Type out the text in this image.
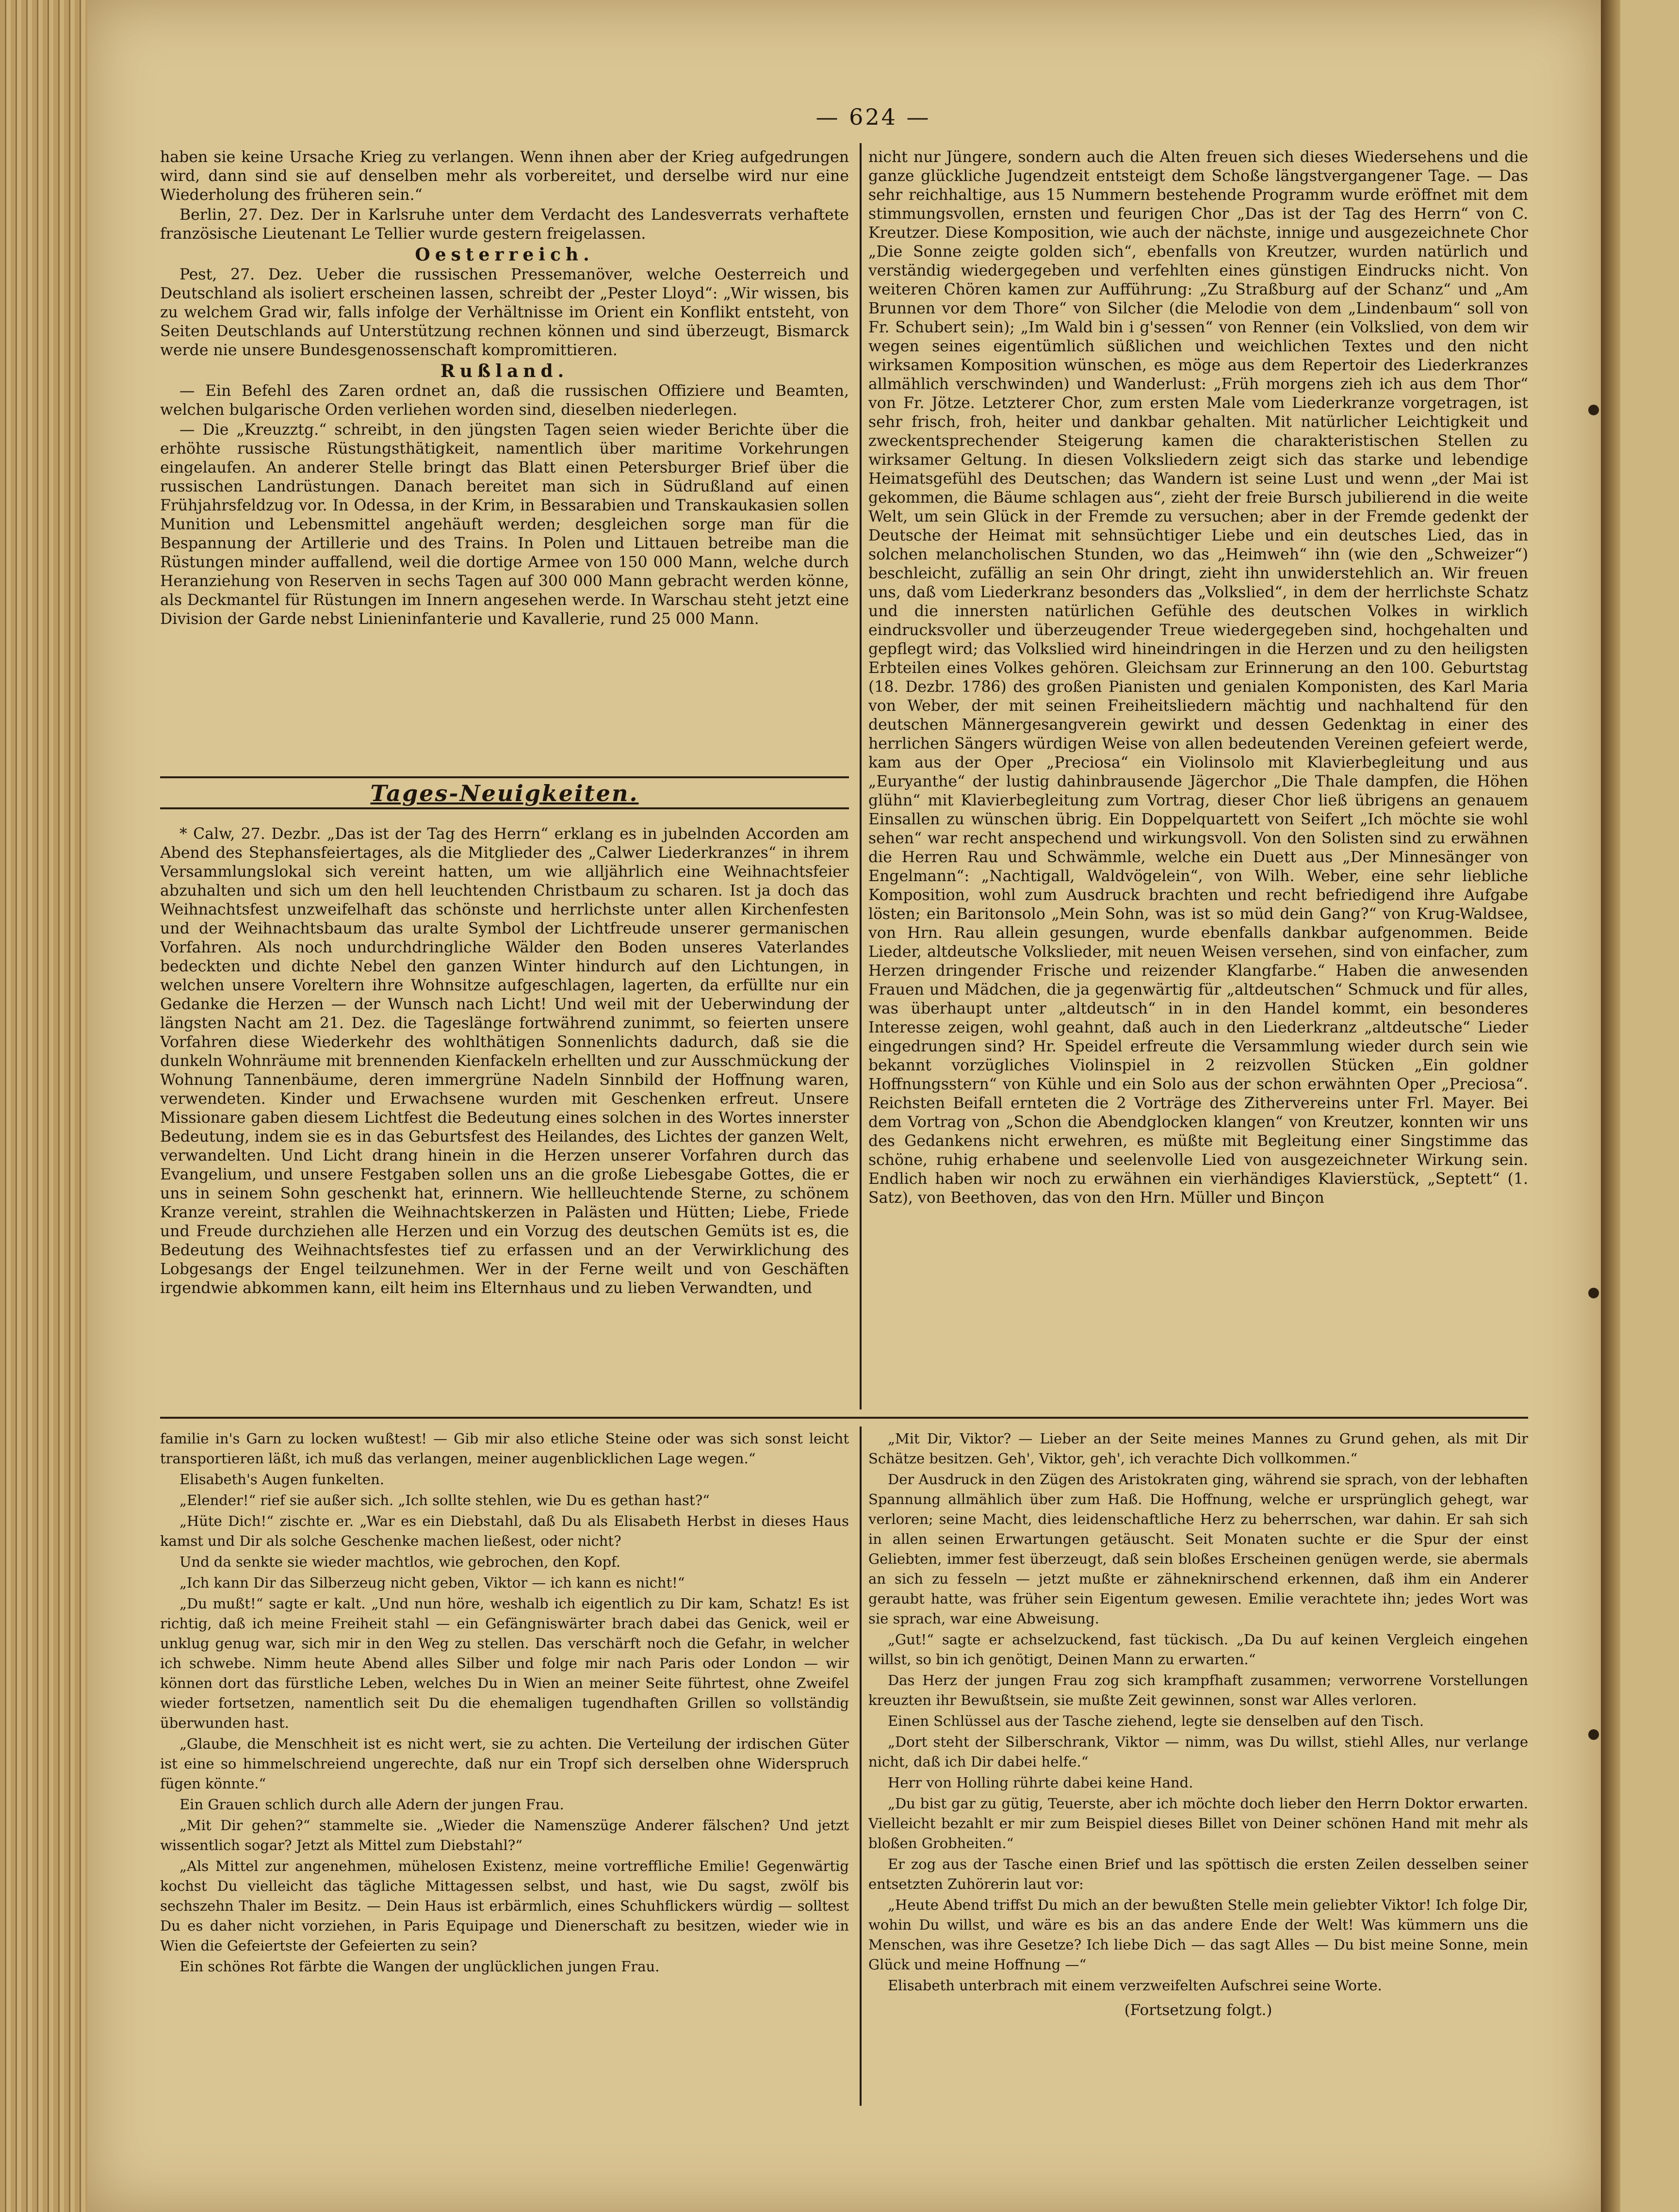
— 624 —

haben sie keine Ursache Krieg zu verlangen. Wenn ihnen aber der Krieg aufgedrungen wird, dann sind sie auf denselben mehr als vorbereitet, und derselbe wird nur eine Wiederholung des früheren sein.“

Berlin, 27. Dez. Der in Karlsruhe unter dem Verdacht des Landesverrats verhaftete französische Lieutenant Le Tellier wurde gestern freigelassen.

Oesterreich.

Pest, 27. Dez. Ueber die russischen Pressemanöver, welche Oesterreich und Deutschland als isoliert erscheinen lassen, schreibt der „Pester Lloyd“: „Wir wissen, bis zu welchem Grad wir, falls infolge der Verhältnisse im Orient ein Konflikt entsteht, von Seiten Deutschlands auf Unterstützung rechnen können und sind überzeugt, Bismarck werde nie unsere Bundesgenossenschaft kompromittieren.

Rußland.

— Ein Befehl des Zaren ordnet an, daß die russischen Offiziere und Beamten, welchen bulgarische Orden verliehen worden sind, dieselben niederlegen.

— Die „Kreuzztg.“ schreibt, in den jüngsten Tagen seien wieder Berichte über die erhöhte russische Rüstungsthätigkeit, namentlich über maritime Vorkehrungen eingelaufen. An anderer Stelle bringt das Blatt einen Petersburger Brief über die russischen Landrüstungen. Danach bereitet man sich in Südrußland auf einen Frühjahrsfeldzug vor. In Odessa, in der Krim, in Bessarabien und Transkaukasien sollen Munition und Lebensmittel angehäuft werden; desgleichen sorge man für die Bespannung der Artillerie und des Trains. In Polen und Littauen betreibe man die Rüstungen minder auffallend, weil die dortige Armee von 150 000 Mann, welche durch Heranziehung von Reserven in sechs Tagen auf 300 000 Mann gebracht werden könne, als Deckmantel für Rüstungen im Innern angesehen werde. In Warschau steht jetzt eine Division der Garde nebst Linieninfanterie und Kavallerie, rund 25 000 Mann.

Tages-Neuigkeiten.

* Calw, 27. Dezbr. „Das ist der Tag des Herrn“ erklang es in jubelnden Accorden am Abend des Stephansfeiertages, als die Mitglieder des „Calwer Liederkranzes“ in ihrem Versammlungslokal sich vereint hatten, um wie alljährlich eine Weihnachtsfeier abzuhalten und sich um den hell leuchtenden Christbaum zu scharen. Ist ja doch das Weihnachtsfest unzweifelhaft das schönste und herrlichste unter allen Kirchenfesten und der Weihnachtsbaum das uralte Symbol der Lichtfreude unserer germanischen Vorfahren. Als noch undurchdringliche Wälder den Boden unseres Vaterlandes bedeckten und dichte Nebel den ganzen Winter hindurch auf den Lichtungen, in welchen unsere Voreltern ihre Wohnsitze aufgeschlagen, lagerten, da erfüllte nur ein Gedanke die Herzen — der Wunsch nach Licht! Und weil mit der Ueberwindung der längsten Nacht am 21. Dez. die Tageslänge fortwährend zunimmt, so feierten unsere Vorfahren diese Wiederkehr des wohlthätigen Sonnenlichts dadurch, daß sie die dunkeln Wohnräume mit brennenden Kienfackeln erhellten und zur Ausschmückung der Wohnung Tannenbäume, deren immergrüne Nadeln Sinnbild der Hoffnung waren, verwendeten. Kinder und Erwachsene wurden mit Geschenken erfreut. Unsere Missionare gaben diesem Lichtfest die Bedeutung eines solchen in des Wortes innerster Bedeutung, indem sie es in das Geburtsfest des Heilandes, des Lichtes der ganzen Welt, verwandelten. Und Licht drang hinein in die Herzen unserer Vorfahren durch das Evangelium, und unsere Festgaben sollen uns an die große Liebesgabe Gottes, die er uns in seinem Sohn geschenkt hat, erinnern. Wie hellleuchtende Sterne, zu schönem Kranze vereint, strahlen die Weihnachtskerzen in Palästen und Hütten; Liebe, Friede und Freude durchziehen alle Herzen und ein Vorzug des deutschen Gemüts ist es, die Bedeutung des Weihnachtsfestes tief zu erfassen und an der Verwirklichung des Lobgesangs der Engel teilzunehmen. Wer in der Ferne weilt und von Geschäften irgendwie abkommen kann, eilt heim ins Elternhaus und zu lieben Verwandten, und

nicht nur Jüngere, sondern auch die Alten freuen sich dieses Wiedersehens und die ganze glückliche Jugendzeit entsteigt dem Schoße längstvergangener Tage. — Das sehr reichhaltige, aus 15 Nummern bestehende Programm wurde eröffnet mit dem stimmungsvollen, ernsten und feurigen Chor „Das ist der Tag des Herrn“ von C. Kreutzer. Diese Komposition, wie auch der nächste, innige und ausgezeichnete Chor „Die Sonne zeigte golden sich“, ebenfalls von Kreutzer, wurden natürlich und verständig wiedergegeben und verfehlten eines günstigen Eindrucks nicht. Von weiteren Chören kamen zur Aufführung: „Zu Straßburg auf der Schanz“ und „Am Brunnen vor dem Thore“ von Silcher (die Melodie von dem „Lindenbaum“ soll von Fr. Schubert sein); „Im Wald bin i g'sessen“ von Renner (ein Volkslied, von dem wir wegen seines eigentümlich süßlichen und weichlichen Textes und den nicht wirksamen Komposition wünschen, es möge aus dem Repertoir des Liederkranzes allmählich verschwinden) und Wanderlust: „Früh morgens zieh ich aus dem Thor“ von Fr. Jötze. Letzterer Chor, zum ersten Male vom Liederkranze vorgetragen, ist sehr frisch, froh, heiter und dankbar gehalten. Mit natürlicher Leichtigkeit und zweckentsprechender Steigerung kamen die charakteristischen Stellen zu wirksamer Geltung. In diesen Volksliedern zeigt sich das starke und lebendige Heimatsgefühl des Deutschen; das Wandern ist seine Lust und wenn „der Mai ist gekommen, die Bäume schlagen aus“, zieht der freie Bursch jubilierend in die weite Welt, um sein Glück in der Fremde zu versuchen; aber in der Fremde gedenkt der Deutsche der Heimat mit sehnsüchtiger Liebe und ein deutsches Lied, das in solchen melancholischen Stunden, wo das „Heimweh“ ihn (wie den „Schweizer“) beschleicht, zufällig an sein Ohr dringt, zieht ihn unwiderstehlich an. Wir freuen uns, daß vom Liederkranz besonders das „Volkslied“, in dem der herrlichste Schatz und die innersten natürlichen Gefühle des deutschen Volkes in wirklich eindrucksvoller und überzeugender Treue wiedergegeben sind, hochgehalten und gepflegt wird; das Volkslied wird hineindringen in die Herzen und zu den heiligsten Erbteilen eines Volkes gehören. Gleichsam zur Erinnerung an den 100. Geburtstag (18. Dezbr. 1786) des großen Pianisten und genialen Komponisten, des Karl Maria von Weber, der mit seinen Freiheitsliedern mächtig und nachhaltend für den deutschen Männergesangverein gewirkt und dessen Gedenktag in einer des herrlichen Sängers würdigen Weise von allen bedeutenden Vereinen gefeiert werde, kam aus der Oper „Preciosa“ ein Violinsolo mit Klavierbegleitung und aus „Euryanthe“ der lustig dahinbrausende Jägerchor „Die Thale dampfen, die Höhen glühn“ mit Klavierbegleitung zum Vortrag, dieser Chor ließ übrigens an genauem Einsallen zu wünschen übrig. Ein Doppelquartett von Seifert „Ich möchte sie wohl sehen“ war recht anspechend und wirkungsvoll. Von den Solisten sind zu erwähnen die Herren Rau und Schwämmle, welche ein Duett aus „Der Minnesänger von Engelmann“: „Nachtigall, Waldvögelein“, von Wilh. Weber, eine sehr liebliche Komposition, wohl zum Ausdruck brachten und recht befriedigend ihre Aufgabe lösten; ein Baritonsolo „Mein Sohn, was ist so müd dein Gang?“ von Krug-Waldsee, von Hrn. Rau allein gesungen, wurde ebenfalls dankbar aufgenommen. Beide Lieder, altdeutsche Volkslieder, mit neuen Weisen versehen, sind von einfacher, zum Herzen dringender Frische und reizender Klangfarbe.“ Haben die anwesenden Frauen und Mädchen, die ja gegenwärtig für „altdeutschen“ Schmuck und für alles, was überhaupt unter „altdeutsch“ in in den Handel kommt, ein besonderes Interesse zeigen, wohl geahnt, daß auch in den Liederkranz „altdeutsche“ Lieder eingedrungen sind? Hr. Speidel erfreute die Versammlung wieder durch sein wie bekannt vorzügliches Violinspiel in 2 reizvollen Stücken „Ein goldner Hoffnungsstern“ von Kühle und ein Solo aus der schon erwähnten Oper „Preciosa“. Reichsten Beifall ernteten die 2 Vorträge des Zithervereins unter Frl. Mayer. Bei dem Vortrag von „Schon die Abendglocken klangen“ von Kreutzer, konnten wir uns des Gedankens nicht erwehren, es müßte mit Begleitung einer Singstimme das schöne, ruhig erhabene und seelenvolle Lied von ausgezeichneter Wirkung sein. Endlich haben wir noch zu erwähnen ein vierhändiges Klavierstück, „Septett“ (1. Satz), von Beethoven, das von den Hrn. Müller und Binçon

familie in's Garn zu locken wußtest! — Gib mir also etliche Steine oder was sich sonst leicht transportieren läßt, ich muß das verlangen, meiner augenblicklichen Lage wegen.“

Elisabeth's Augen funkelten.

„Elender!“ rief sie außer sich. „Ich sollte stehlen, wie Du es gethan hast?“

„Hüte Dich!“ zischte er. „War es ein Diebstahl, daß Du als Elisabeth Herbst in dieses Haus kamst und Dir als solche Geschenke machen ließest, oder nicht?

Und da senkte sie wieder machtlos, wie gebrochen, den Kopf.

„Ich kann Dir das Silberzeug nicht geben, Viktor — ich kann es nicht!“

„Du mußt!“ sagte er kalt. „Und nun höre, weshalb ich eigentlich zu Dir kam, Schatz! Es ist richtig, daß ich meine Freiheit stahl — ein Gefängniswärter brach dabei das Genick, weil er unklug genug war, sich mir in den Weg zu stellen. Das verschärft noch die Gefahr, in welcher ich schwebe. Nimm heute Abend alles Silber und folge mir nach Paris oder London — wir können dort das fürstliche Leben, welches Du in Wien an meiner Seite führtest, ohne Zweifel wieder fortsetzen, namentlich seit Du die ehemaligen tugendhaften Grillen so vollständig überwunden hast.

„Glaube, die Menschheit ist es nicht wert, sie zu achten. Die Verteilung der irdischen Güter ist eine so himmelschreiend ungerechte, daß nur ein Tropf sich derselben ohne Widerspruch fügen könnte.“

Ein Grauen schlich durch alle Adern der jungen Frau.

„Mit Dir gehen?“ stammelte sie. „Wieder die Namenszüge Anderer fälschen? Und jetzt wissentlich sogar? Jetzt als Mittel zum Diebstahl?“

„Als Mittel zur angenehmen, mühelosen Existenz, meine vortreffliche Emilie! Gegenwärtig kochst Du vielleicht das tägliche Mittagessen selbst, und hast, wie Du sagst, zwölf bis sechszehn Thaler im Besitz. — Dein Haus ist erbärmlich, eines Schuhflickers würdig — solltest Du es daher nicht vorziehen, in Paris Equipage und Dienerschaft zu besitzen, wieder wie in Wien die Gefeiertste der Gefeierten zu sein?

Ein schönes Rot färbte die Wangen der unglücklichen jungen Frau.

„Mit Dir, Viktor? — Lieber an der Seite meines Mannes zu Grund gehen, als mit Dir Schätze besitzen. Geh', Viktor, geh', ich verachte Dich vollkommen.“

Der Ausdruck in den Zügen des Aristokraten ging, während sie sprach, von der lebhaften Spannung allmählich über zum Haß. Die Hoffnung, welche er ursprünglich gehegt, war verloren; seine Macht, dies leidenschaftliche Herz zu beherrschen, war dahin. Er sah sich in allen seinen Erwartungen getäuscht. Seit Monaten suchte er die Spur der einst Geliebten, immer fest überzeugt, daß sein bloßes Erscheinen genügen werde, sie abermals an sich zu fesseln — jetzt mußte er zähneknirschend erkennen, daß ihm ein Anderer geraubt hatte, was früher sein Eigentum gewesen. Emilie verachtete ihn; jedes Wort was sie sprach, war eine Abweisung.

„Gut!“ sagte er achselzuckend, fast tückisch. „Da Du auf keinen Vergleich eingehen willst, so bin ich genötigt, Deinen Mann zu erwarten.“

Das Herz der jungen Frau zog sich krampfhaft zusammen; verworrene Vorstellungen kreuzten ihr Bewußtsein, sie mußte Zeit gewinnen, sonst war Alles verloren.

Einen Schlüssel aus der Tasche ziehend, legte sie denselben auf den Tisch.

„Dort steht der Silberschrank, Viktor — nimm, was Du willst, stiehl Alles, nur verlange nicht, daß ich Dir dabei helfe.“

Herr von Holling rührte dabei keine Hand.

„Du bist gar zu gütig, Teuerste, aber ich möchte doch lieber den Herrn Doktor erwarten. Vielleicht bezahlt er mir zum Beispiel dieses Billet von Deiner schönen Hand mit mehr als bloßen Grobheiten.“

Er zog aus der Tasche einen Brief und las spöttisch die ersten Zeilen desselben seiner entsetzten Zuhörerin laut vor:

„Heute Abend triffst Du mich an der bewußten Stelle mein geliebter Viktor! Ich folge Dir, wohin Du willst, und wäre es bis an das andere Ende der Welt! Was kümmern uns die Menschen, was ihre Gesetze? Ich liebe Dich — das sagt Alles — Du bist meine Sonne, mein Glück und meine Hoffnung —“

Elisabeth unterbrach mit einem verzweifelten Aufschrei seine Worte.

(Fortsetzung folgt.)
